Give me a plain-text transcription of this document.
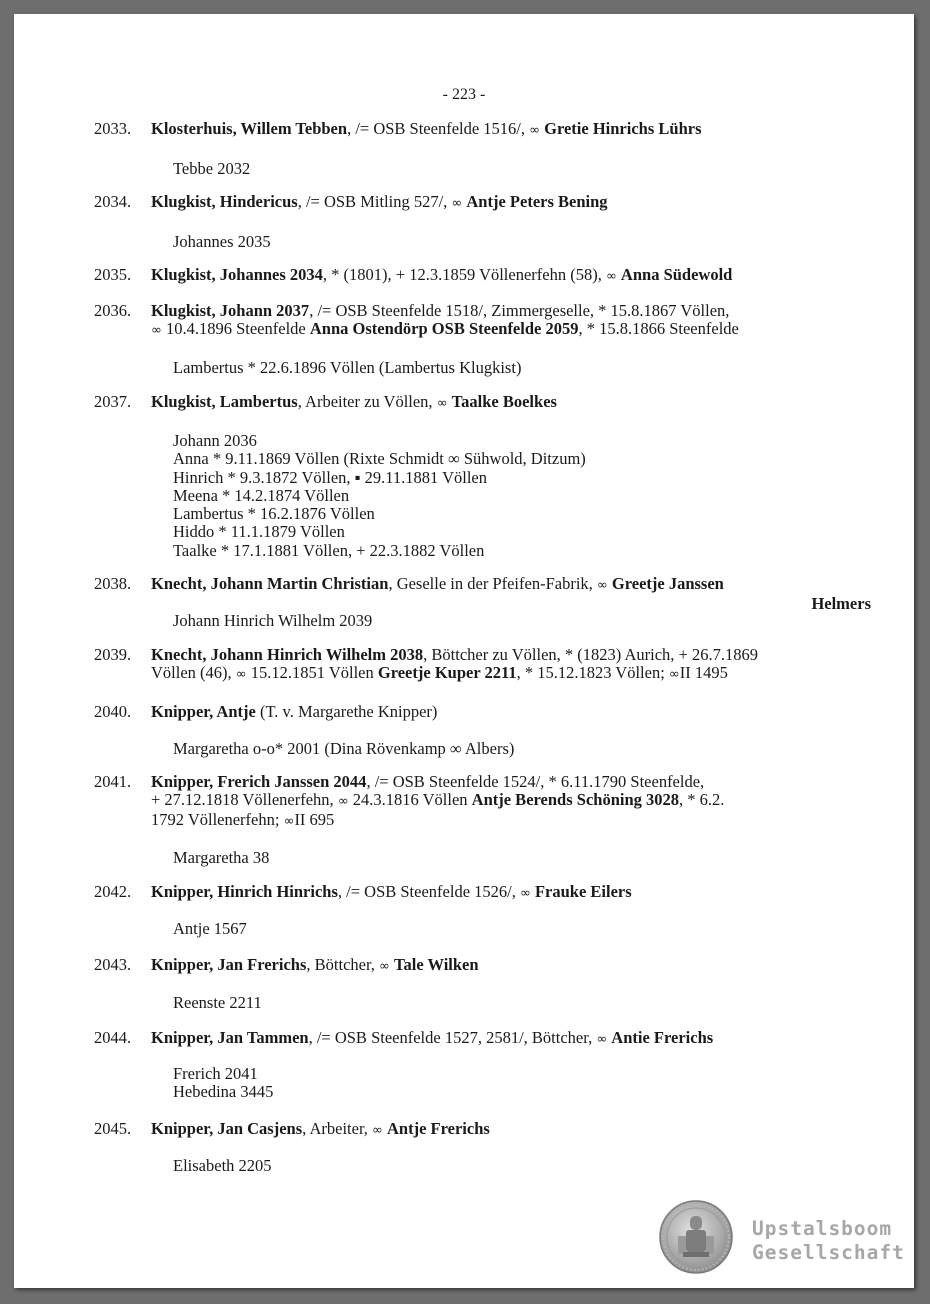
- 223 -
2033.	Klosterhuis, Willem Tebben, /= OSB Steenfelde 1516/, ∞ Gretie Hinrichs Lührs
Tebbe 2032
2034.	Klugkist, Hindericus, /= OSB Mitling 527/, ∞ Antje Peters Bening
Johannes 2035
2035.	Klugkist, Johannes 2034, * (1801), + 12.3.1859 Völlenerfehn (58), ∞ Anna Südewold
2036.	Klugkist, Johann 2037, /= OSB Steenfelde 1518/, Zimmergeselle, * 15.8.1867 Völlen,
∞ 10.4.1896 Steenfelde Anna Ostendörp OSB Steenfelde 2059, * 15.8.1866 Steenfelde
Lambertus * 22.6.1896 Völlen (Lambertus Klugkist)
2037.	Klugkist, Lambertus, Arbeiter zu Völlen, ∞ Taalke Boelkes
Johann 2036
Anna * 9.11.1869 Völlen (Rixte Schmidt ∞ Sühwold, Ditzum)
Hinrich * 9.3.1872 Völlen, ▪ 29.11.1881 Völlen
Meena * 14.2.1874 Völlen
Lambertus * 16.2.1876 Völlen
Hiddo * 11.1.1879 Völlen
Taalke * 17.1.1881 Völlen, + 22.3.1882 Völlen
2038.	Knecht, Johann Martin Christian, Geselle in der Pfeifen-Fabrik, ∞ Greetje Janssen
Helmers
Johann Hinrich Wilhelm 2039
2039.	Knecht, Johann Hinrich Wilhelm 2038, Böttcher zu Völlen, * (1823) Aurich, + 26.7.1869
Völlen (46), ∞ 15.12.1851 Völlen Greetje Kuper 2211, * 15.12.1823 Völlen; ∞II 1495
2040.	Knipper, Antje (T. v. Margarethe Knipper)
Margaretha o-o* 2001 (Dina Rövenkamp ∞ Albers)
2041.	Knipper, Frerich Janssen 2044, /= OSB Steenfelde 1524/, * 6.11.1790 Steenfelde,
+ 27.12.1818 Völlenerfehn, ∞ 24.3.1816 Völlen Antje Berends Schöning 3028, * 6.2.
1792 Völlenerfehn; ∞II 695
Margaretha 38
2042.	Knipper, Hinrich Hinrichs, /= OSB Steenfelde 1526/, ∞ Frauke Eilers
Antje 1567
2043.	Knipper, Jan Frerichs, Böttcher, ∞ Tale Wilken
Reenste 2211
2044.	Knipper, Jan Tammen, /= OSB Steenfelde 1527, 2581/, Böttcher, ∞ Antie Frerichs
Frerich 2041
Hebedina 3445
2045.	Knipper, Jan Casjens, Arbeiter, ∞ Antje Frerichs
Elisabeth 2205
Upstalsboom
Gesellschaft
